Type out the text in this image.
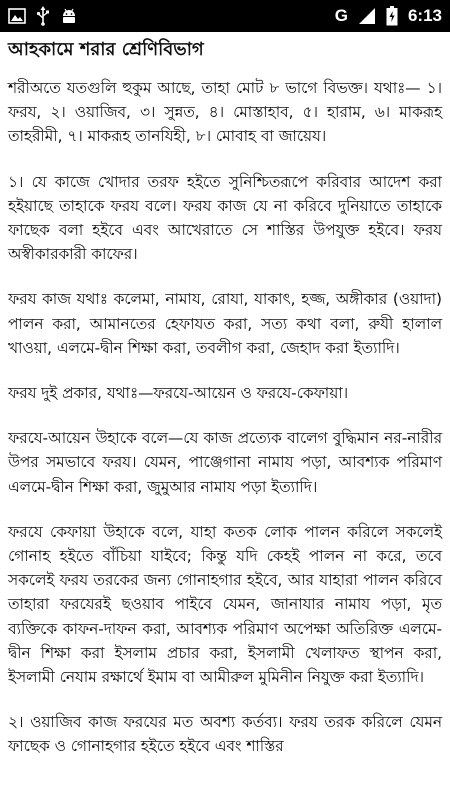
G	6:13
আহকামে শরার শ্রেণিবিভাগ

শরীঅতে যতগুলি হুকুম আছে, তাহা মোট ৮ ভাগে বিভক্ত। যথাঃ— ১। ফরয, ২। ওয়াজিব, ৩। সুন্নত, ৪। মোস্তাহাব, ৫। হারাম, ৬। মাকরূহ তাহরীমী, ৭। মাকরূহ তানযিহী, ৮। মোবাহ বা জায়েয।

১। যে কাজে খোদার তরফ হইতে সুনিশ্চিতরূপে করিবার আদেশ করা হইয়াছে তাহাকে ফরয বলে। ফরয কাজ যে না করিবে দুনিয়াতে তাহাকে ফাছেক বলা হইবে এবং আখেরাতে সে শাস্তির উপযুক্ত হইবে। ফরয অস্বীকারকারী কাফের।

ফরয কাজ যথাঃ কলেমা, নামায, রোযা, যাকাৎ, হজ্জ, অঙ্গীকার (ওয়াদা) পালন করা, আমানতের হেফাযত করা, সত্য কথা বলা, রুযী হালাল খাওয়া, এলমে-দ্বীন শিক্ষা করা, তবলীগ করা, জেহাদ করা ইত্যাদি।

ফরয দুই প্রকার, যথাঃ—ফরযে-আয়েন ও ফরযে-কেফায়া।

ফরযে-আয়েন উহাকে বলে—যে কাজ প্রত্যেক বালেগ বুদ্ধিমান নর-নারীর উপর সমভাবে ফরয। যেমন, পাঞ্জেগানা নামায পড়া, আবশ্যক পরিমাণ এলমে-দ্বীন শিক্ষা করা, জুমুআর নামায পড়া ইত্যাদি।

ফরযে কেফায়া উহাকে বলে, যাহা কতক লোক পালন করিলে সকলেই গোনাহ হইতে বাঁচিয়া যাইবে; কিন্তু যদি কেহই পালন না করে, তবে সকলেই ফরয তরকের জন্য গোনাহগার হইবে, আর যাহারা পালন করিবে তাহারা ফরযেরই ছওয়াব পাইবে যেমন, জানাযার নামায পড়া, মৃত ব্যক্তিকে কাফন-দাফন করা, আবশ্যক পরিমাণ অপেক্ষা অতিরিক্ত এলমে-দ্বীন শিক্ষা করা ইসলাম প্রচার করা, ইসলামী খেলাফত স্থাপন করা, ইসলামী নেযাম রক্ষার্থে ইমাম বা আমীরুল মুমিনীন নিযুক্ত করা ইত্যাদি।

২। ওয়াজিব কাজ ফরযের মত অবশ্য কর্তব্য। ফরয তরক করিলে যেমন ফাছেক ও গোনাহগার হইতে হইবে এবং শাস্তির
